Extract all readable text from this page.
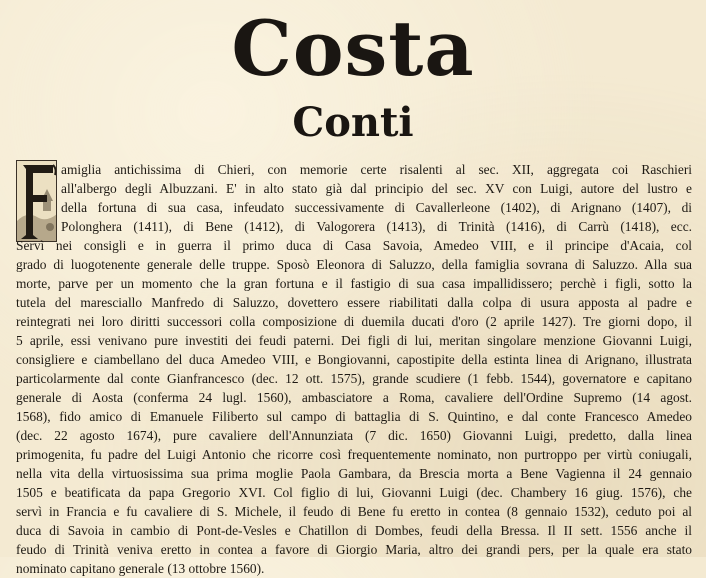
Costa
Conti
amiglia antichissima di Chieri, con memorie certe risalenti al sec. XII, aggregata coi Raschieri
all'albergo degli Albuzzani. E' in alto stato già dal principio del sec. XV con Luigi, autore del lustro e
della fortuna di sua casa, infeudato successivamente di Cavallerleone (1402), di Arignano (1407), di
Polonghera (1411), di Bene (1412), di Valogorera (1413), di Trinità (1416), di Carrù (1418), ecc.
Servì nei consigli e in guerra il primo duca di Casa Savoia, Amedeo VIII, e il principe d'Acaia, col
grado di luogotenente generale delle truppe. Sposò Eleonora di Saluzzo, della famiglia sovrana di Saluzzo. Alla sua
morte, parve per un momento che la gran fortuna e il fastigio di sua casa impallidissero; perchè i figli, sotto la
tutela del maresciallo Manfredo di Saluzzo, dovettero essere riabilitati dalla colpa di usura apposta al padre e
reintegrati nei loro diritti successori colla composizione di duemila ducati d'oro (2 aprile 1427). Tre giorni dopo, il
5 aprile, essi venivano pure investiti dei feudi paterni. Dei figli di lui, meritan singolare menzione Giovanni Luigi,
consigliere e ciambellano del duca Amedeo VIII, e Bongiovanni, capostipite della estinta linea di Arignano, illustrata
particolarmente dal conte Gianfrancesco (dec. 12 ott. 1575), grande scudiere (1 febb. 1544), governatore e capitano
generale di Aosta (conferma 24 lugl. 1560), ambasciatore a Roma, cavaliere dell'Ordine Supremo (14 agost.
1568), fido amico di Emanuele Filiberto sul campo di battaglia di S. Quintino, e dal conte Francesco Amedeo
(dec. 22 agosto 1674), pure cavaliere dell'Annunziata (7 dic. 1650) Giovanni Luigi, predetto, dalla linea
primogenita, fu padre del Luigi Antonio che ricorre così frequentemente nominato, non purtroppo per virtù coniugali,
nella vita della virtuosissima sua prima moglie Paola Gambara, da Brescia morta a Bene Vagienna il 24 gennaio
1505 e beatificata da papa Gregorio XVI. Col figlio di lui, Giovanni Luigi (dec. Chambery 16 giug. 1576), che
servì in Francia e fu cavaliere di S. Michele, il feudo di Bene fu eretto in contea (8 gennaio 1532), ceduto poi al
duca di Savoia in cambio di Pont-de-Vesles e Chatillon di Dombes, feudi della Bressa. Il II sett. 1556 anche il
feudo di Trinità veniva eretto in contea a favore di Giorgio Maria, altro dei grandi pers, per la quale era stato
nominato capitano generale (13 ottobre 1560).
